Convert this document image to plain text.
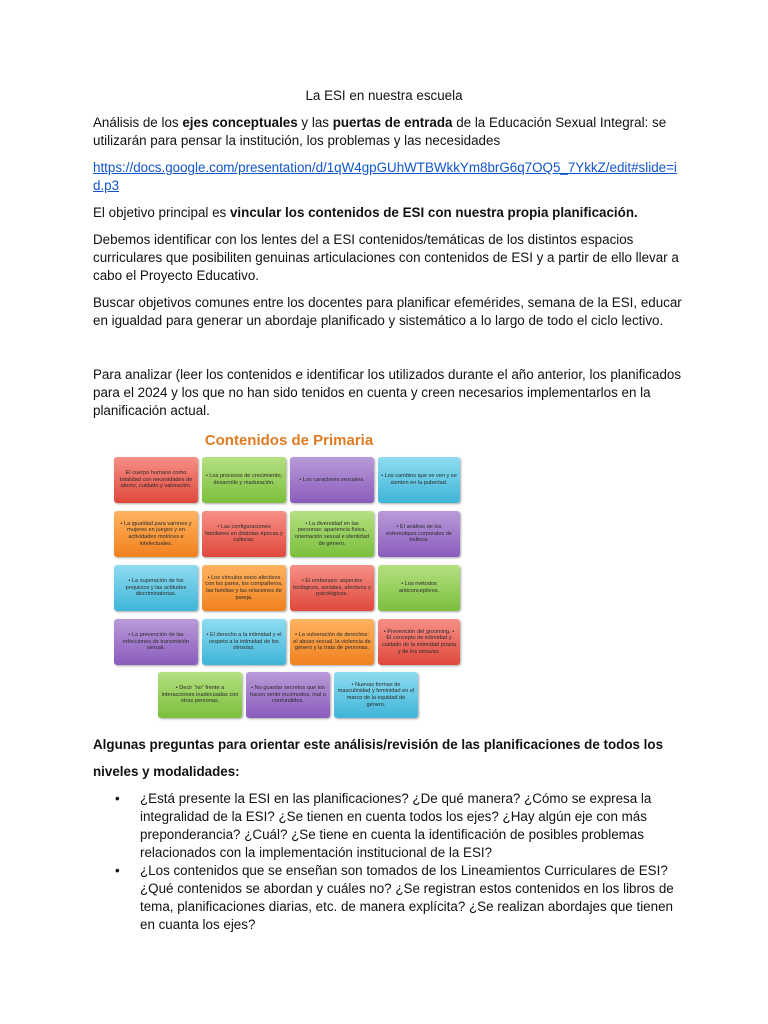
La ESI en nuestra escuela

Análisis de los ejes conceptuales y las puertas de entrada de la Educación Sexual Integral: se utilizarán para pensar la institución, los problemas y las necesidades

https://docs.google.com/presentation/d/1qW4gpGUhWTBWkkYm8brG6q7OQ5_7YkkZ/edit#slide=id.p3

El objetivo principal es vincular los contenidos de ESI con nuestra propia planificación.

Debemos identificar con los lentes del a ESI contenidos/temáticas de los distintos espacios curriculares que posibiliten genuinas articulaciones con contenidos de ESI y a partir de ello llevar a cabo el Proyecto Educativo.

Buscar objetivos comunes entre los docentes para planificar efemérides, semana de la ESI, educar en igualdad para generar un abordaje planificado y sistemático a lo largo de todo el ciclo lectivo.

Para analizar (leer los contenidos e identificar los utilizados durante el año anterior, los planificados para el 2024 y los que no han sido tenidos en cuenta y creen necesarios implementarlos en la planificación actual.

Contenidos de Primaria
El cuerpo humano como totalidad con necesidades de afecto, cuidado y valoración.
• Los procesos de crecimiento, desarrollo y maduración.
• Los caracteres sexuales.
• Los cambios que se ven y se sienten en la pubertad.
• La igualdad para varones y mujeres en juegos y en actividades motrices e intelectuales.
• Las configuraciones familiares en distintas épocas y culturas.
• La diversidad en las personas: apariencia física, orientación sexual e identidad de género.
• El análisis de los estereotipos corporales de belleza.
• La superación de los prejuicios y las actitudes discriminatorias.
• Los vínculos socio afectivos con los pares, los compañeros, las familias y las relaciones de pareja.
• El embarazo: aspectos biológicos, sociales, afectivos y psicológicos.
• Los métodos anticonceptivos.
• La prevención de las infecciones de transmisión sexual.
• El derecho a la intimidad y el respeto a la intimidad de los otros/as.
• La vulneración de derechos: el abuso sexual, la violencia de género y la trata de personas.
• Prevención del grooming. • El concepto de intimidad y cuidado de la intimidad propia y de los otros/as.
• Decir “no” frente a interacciones inadecuadas con otras personas.
• No guardar secretos que los hacen sentir incómodos, mal o confundidos.
• Nuevas formas de masculinidad y feminidad en el marco de la equidad de género.

Algunas preguntas para orientar este análisis/revisión de las planificaciones de todos los

niveles y modalidades:

• ¿Está presente la ESI en las planificaciones? ¿De qué manera? ¿Cómo se expresa la integralidad de la ESI? ¿Se tienen en cuenta todos los ejes? ¿Hay algún eje con más preponderancia? ¿Cuál? ¿Se tiene en cuenta la identificación de posibles problemas relacionados con la implementación institucional de la ESI?
• ¿Los contenidos que se enseñan son tomados de los Lineamientos Curriculares de ESI? ¿Qué contenidos se abordan y cuáles no? ¿Se registran estos contenidos en los libros de tema, planificaciones diarias, etc. de manera explícita? ¿Se realizan abordajes que tienen en cuanta los ejes?
